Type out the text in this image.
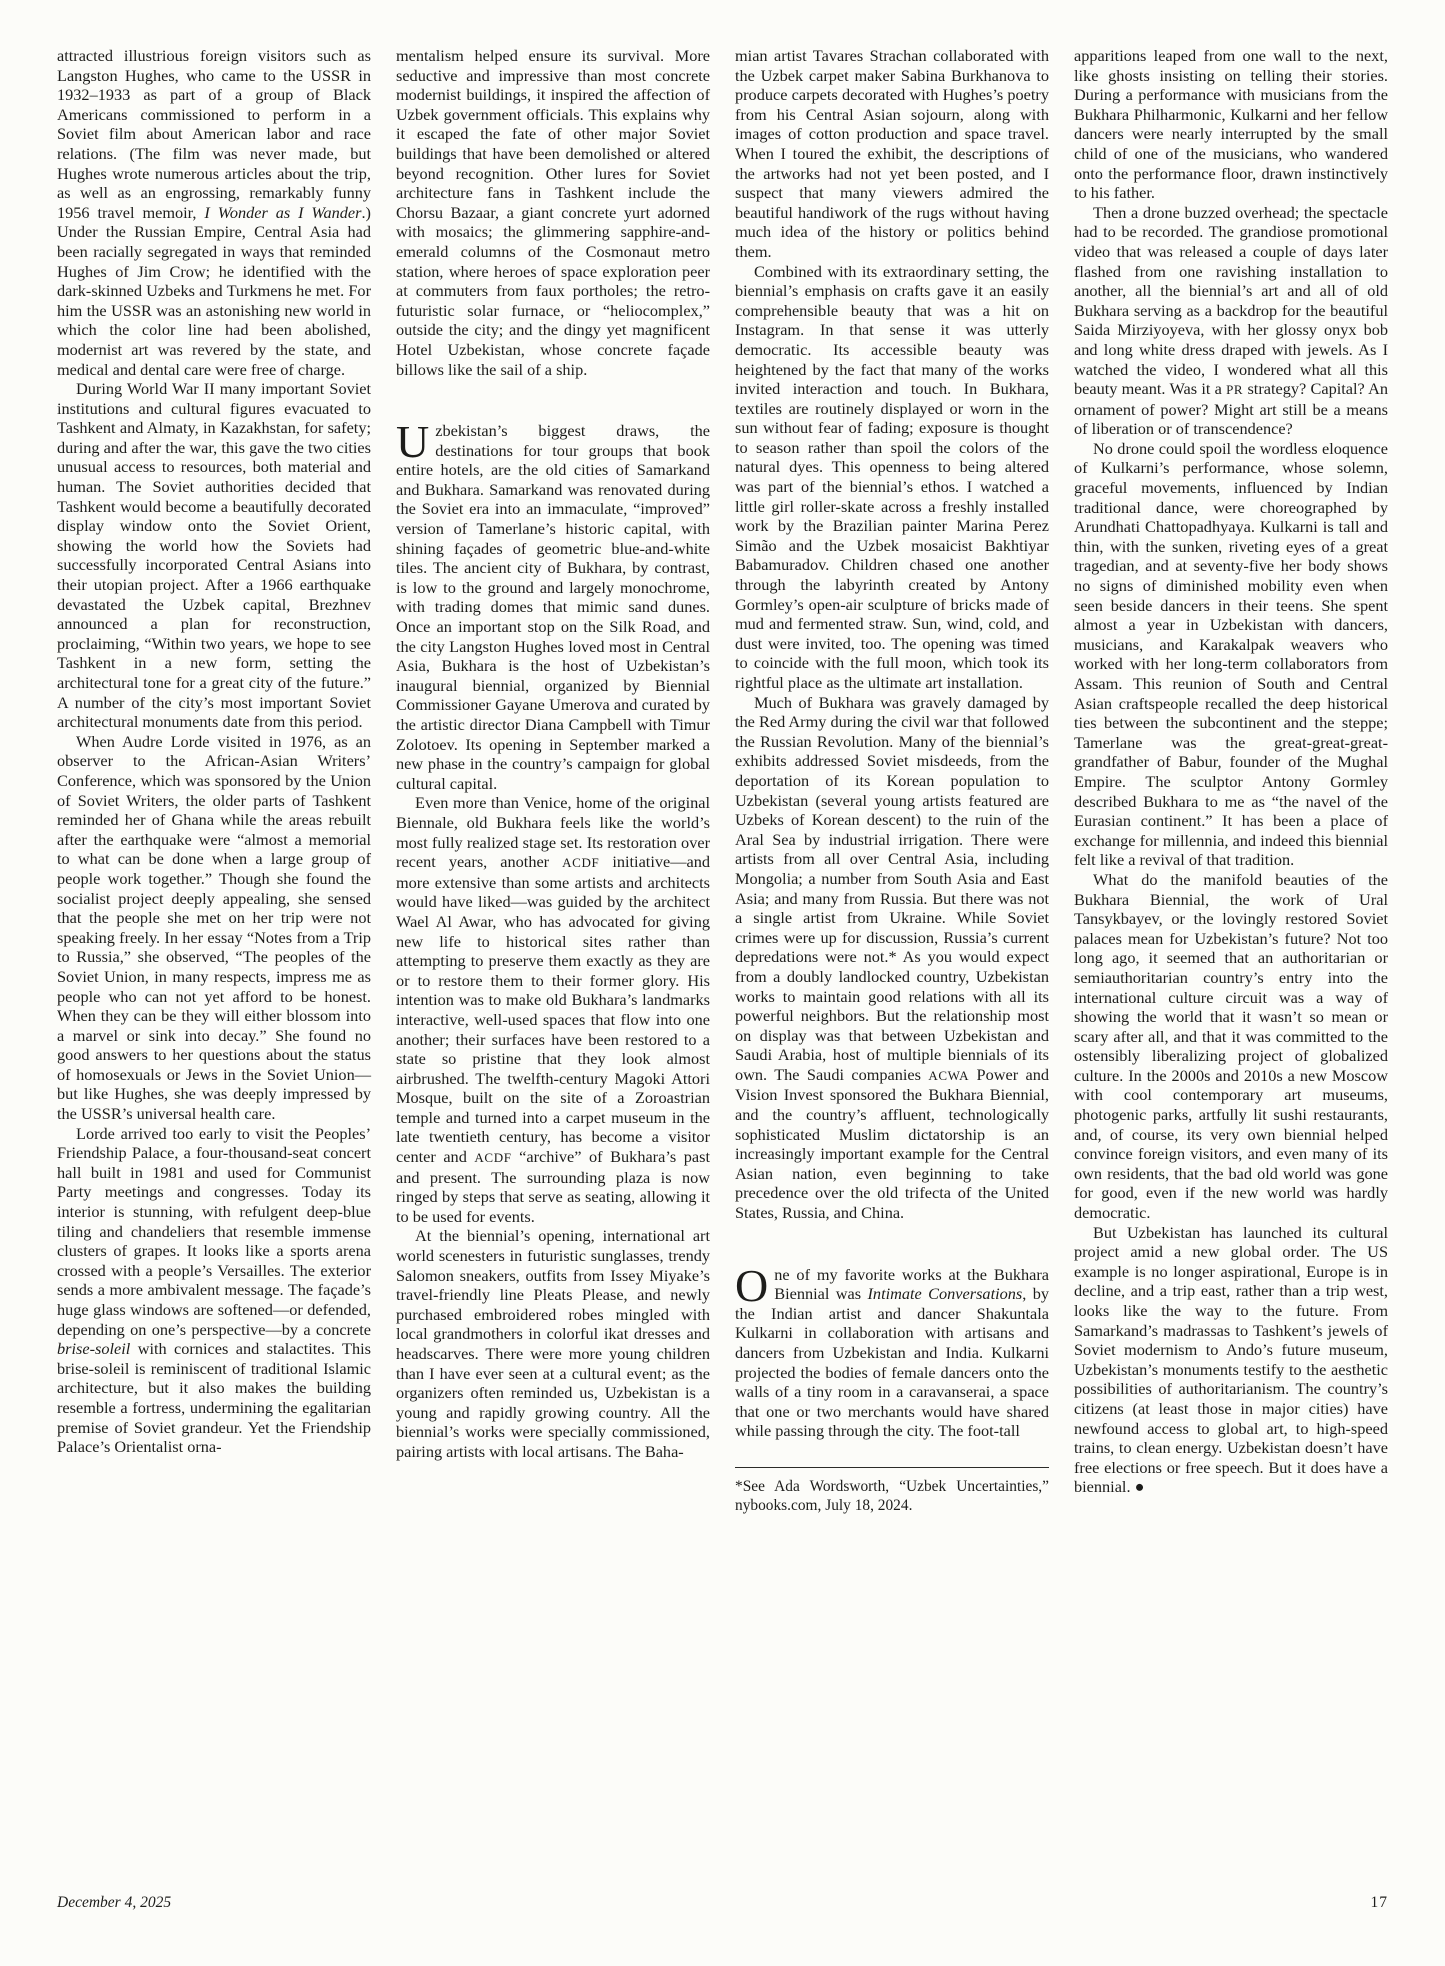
attracted illustrious foreign visitors such as Langston Hughes, who came to the USSR in 1932–1933 as part of a group of Black Americans commissioned to perform in a Soviet film about American labor and race relations. (The film was never made, but Hughes wrote numerous articles about the trip, as well as an engrossing, remarkably funny 1956 travel memoir, I Wonder as I Wander.) Under the Russian Empire, Central Asia had been racially segregated in ways that reminded Hughes of Jim Crow; he identified with the dark-skinned Uzbeks and Turkmens he met. For him the USSR was an astonishing new world in which the color line had been abolished, modernist art was revered by the state, and medical and dental care were free of charge.

During World War II many important Soviet institutions and cultural figures evacuated to Tashkent and Almaty, in Kazakhstan, for safety; during and after the war, this gave the two cities unusual access to resources, both material and human. The Soviet authorities decided that Tashkent would become a beautifully decorated display window onto the Soviet Orient, showing the world how the Soviets had successfully incorporated Central Asians into their utopian project. After a 1966 earthquake devastated the Uzbek capital, Brezhnev announced a plan for reconstruction, proclaiming, “Within two years, we hope to see Tashkent in a new form, setting the architectural tone for a great city of the future.” A number of the city’s most important Soviet architectural monuments date from this period.

When Audre Lorde visited in 1976, as an observer to the African-Asian Writers’ Conference, which was sponsored by the Union of Soviet Writers, the older parts of Tashkent reminded her of Ghana while the areas rebuilt after the earthquake were “almost a memorial to what can be done when a large group of people work together.” Though she found the socialist project deeply appealing, she sensed that the people she met on her trip were not speaking freely. In her essay “Notes from a Trip to Russia,” she observed, “The peoples of the Soviet Union, in many respects, impress me as people who can not yet afford to be honest. When they can be they will either blossom into a marvel or sink into decay.” She found no good answers to her questions about the status of homosexuals or Jews in the Soviet Union—but like Hughes, she was deeply impressed by the USSR’s universal health care.

Lorde arrived too early to visit the Peoples’ Friendship Palace, a four-thousand-seat concert hall built in 1981 and used for Communist Party meetings and congresses. Today its interior is stunning, with refulgent deep-blue tiling and chandeliers that resemble immense clusters of grapes. It looks like a sports arena crossed with a people’s Versailles. The exterior sends a more ambivalent message. The façade’s huge glass windows are softened—or defended, depending on one’s perspective—by a concrete brise-soleil with cornices and stalactites. This brise-soleil is reminiscent of traditional Islamic architecture, but it also makes the building resemble a fortress, undermining the egalitarian premise of Soviet grandeur. Yet the Friendship Palace’s Orientalist orna-

mentalism helped ensure its survival. More seductive and impressive than most concrete modernist buildings, it inspired the affection of Uzbek government officials. This explains why it escaped the fate of other major Soviet buildings that have been demolished or altered beyond recognition. Other lures for Soviet architecture fans in Tashkent include the Chorsu Bazaar, a giant concrete yurt adorned with mosaics; the glimmering sapphire-and-emerald columns of the Cosmonaut metro station, where heroes of space exploration peer at commuters from faux portholes; the retro-futuristic solar furnace, or “heliocomplex,” outside the city; and the dingy yet magnificent Hotel Uzbekistan, whose concrete façade billows like the sail of a ship.

Uzbekistan’s biggest draws, the destinations for tour groups that book entire hotels, are the old cities of Samarkand and Bukhara. Samarkand was renovated during the Soviet era into an immaculate, “improved” version of Tamerlane’s historic capital, with shining façades of geometric blue-and-white tiles. The ancient city of Bukhara, by contrast, is low to the ground and largely monochrome, with trading domes that mimic sand dunes. Once an important stop on the Silk Road, and the city Langston Hughes loved most in Central Asia, Bukhara is the host of Uzbekistan’s inaugural biennial, organized by Biennial Commissioner Gayane Umerova and curated by the artistic director Diana Campbell with Timur Zolotoev. Its opening in September marked a new phase in the country’s campaign for global cultural capital.

Even more than Venice, home of the original Biennale, old Bukhara feels like the world’s most fully realized stage set. Its restoration over recent years, another ACDF initiative—and more extensive than some artists and architects would have liked—was guided by the architect Wael Al Awar, who has advocated for giving new life to historical sites rather than attempting to preserve them exactly as they are or to restore them to their former glory. His intention was to make old Bukhara’s landmarks interactive, well-used spaces that flow into one another; their surfaces have been restored to a state so pristine that they look almost airbrushed. The twelfth-century Magoki Attori Mosque, built on the site of a Zoroastrian temple and turned into a carpet museum in the late twentieth century, has become a visitor center and ACDF “archive” of Bukhara’s past and present. The surrounding plaza is now ringed by steps that serve as seating, allowing it to be used for events.

At the biennial’s opening, international art world scenesters in futuristic sunglasses, trendy Salomon sneakers, outfits from Issey Miyake’s travel-friendly line Pleats Please, and newly purchased embroidered robes mingled with local grandmothers in colorful ikat dresses and headscarves. There were more young children than I have ever seen at a cultural event; as the organizers often reminded us, Uzbekistan is a young and rapidly growing country. All the biennial’s works were specially commissioned, pairing artists with local artisans. The Baha-

mian artist Tavares Strachan collaborated with the Uzbek carpet maker Sabina Burkhanova to produce carpets decorated with Hughes’s poetry from his Central Asian sojourn, along with images of cotton production and space travel. When I toured the exhibit, the descriptions of the artworks had not yet been posted, and I suspect that many viewers admired the beautiful handiwork of the rugs without having much idea of the history or politics behind them.

Combined with its extraordinary setting, the biennial’s emphasis on crafts gave it an easily comprehensible beauty that was a hit on Instagram. In that sense it was utterly democratic. Its accessible beauty was heightened by the fact that many of the works invited interaction and touch. In Bukhara, textiles are routinely displayed or worn in the sun without fear of fading; exposure is thought to season rather than spoil the colors of the natural dyes. This openness to being altered was part of the biennial’s ethos. I watched a little girl roller-skate across a freshly installed work by the Brazilian painter Marina Perez Simão and the Uzbek mosaicist Bakhtiyar Babamuradov. Children chased one another through the labyrinth created by Antony Gormley’s open-air sculpture of bricks made of mud and fermented straw. Sun, wind, cold, and dust were invited, too. The opening was timed to coincide with the full moon, which took its rightful place as the ultimate art installation.

Much of Bukhara was gravely damaged by the Red Army during the civil war that followed the Russian Revolution. Many of the biennial’s exhibits addressed Soviet misdeeds, from the deportation of its Korean population to Uzbekistan (several young artists featured are Uzbeks of Korean descent) to the ruin of the Aral Sea by industrial irrigation. There were artists from all over Central Asia, including Mongolia; a number from South Asia and East Asia; and many from Russia. But there was not a single artist from Ukraine. While Soviet crimes were up for discussion, Russia’s current depredations were not.* As you would expect from a doubly landlocked country, Uzbekistan works to maintain good relations with all its powerful neighbors. But the relationship most on display was that between Uzbekistan and Saudi Arabia, host of multiple biennials of its own. The Saudi companies ACWA Power and Vision Invest sponsored the Bukhara Biennial, and the country’s affluent, technologically sophisticated Muslim dictatorship is an increasingly important example for the Central Asian nation, even beginning to take precedence over the old trifecta of the United States, Russia, and China.

One of my favorite works at the Bukhara Biennial was Intimate Conversations, by the Indian artist and dancer Shakuntala Kulkarni in collaboration with artisans and dancers from Uzbekistan and India. Kulkarni projected the bodies of female dancers onto the walls of a tiny room in a caravanserai, a space that one or two merchants would have shared while passing through the city. The foot-tall

*See Ada Wordsworth, “Uzbek Uncertainties,” nybooks.com, July 18, 2024.

apparitions leaped from one wall to the next, like ghosts insisting on telling their stories. During a performance with musicians from the Bukhara Philharmonic, Kulkarni and her fellow dancers were nearly interrupted by the small child of one of the musicians, who wandered onto the performance floor, drawn instinctively to his father.

Then a drone buzzed overhead; the spectacle had to be recorded. The grandiose promotional video that was released a couple of days later flashed from one ravishing installation to another, all the biennial’s art and all of old Bukhara serving as a backdrop for the beautiful Saida Mirziyoyeva, with her glossy onyx bob and long white dress draped with jewels. As I watched the video, I wondered what all this beauty meant. Was it a PR strategy? Capital? An ornament of power? Might art still be a means of liberation or of transcendence?

No drone could spoil the wordless eloquence of Kulkarni’s performance, whose solemn, graceful movements, influenced by Indian traditional dance, were choreographed by Arundhati Chattopadhyaya. Kulkarni is tall and thin, with the sunken, riveting eyes of a great tragedian, and at seventy-five her body shows no signs of diminished mobility even when seen beside dancers in their teens. She spent almost a year in Uzbekistan with dancers, musicians, and Karakalpak weavers who worked with her long-term collaborators from Assam. This reunion of South and Central Asian craftspeople recalled the deep historical ties between the subcontinent and the steppe; Tamerlane was the great-great-great-grandfather of Babur, founder of the Mughal Empire. The sculptor Antony Gormley described Bukhara to me as “the navel of the Eurasian continent.” It has been a place of exchange for millennia, and indeed this biennial felt like a revival of that tradition.

What do the manifold beauties of the Bukhara Biennial, the work of Ural Tansykbayev, or the lovingly restored Soviet palaces mean for Uzbekistan’s future? Not too long ago, it seemed that an authoritarian or semiauthoritarian country’s entry into the international culture circuit was a way of showing the world that it wasn’t so mean or scary after all, and that it was committed to the ostensibly liberalizing project of globalized culture. In the 2000s and 2010s a new Moscow with cool contemporary art museums, photogenic parks, artfully lit sushi restaurants, and, of course, its very own biennial helped convince foreign visitors, and even many of its own residents, that the bad old world was gone for good, even if the new world was hardly democratic.

But Uzbekistan has launched its cultural project amid a new global order. The US example is no longer aspirational, Europe is in decline, and a trip east, rather than a trip west, looks like the way to the future. From Samarkand’s madrassas to Tashkent’s jewels of Soviet modernism to Ando’s future museum, Uzbekistan’s monuments testify to the aesthetic possibilities of authoritarianism. The country’s citizens (at least those in major cities) have newfound access to global art, to high-speed trains, to clean energy. Uzbekistan doesn’t have free elections or free speech. But it does have a biennial. ●

December 4, 2025	17
